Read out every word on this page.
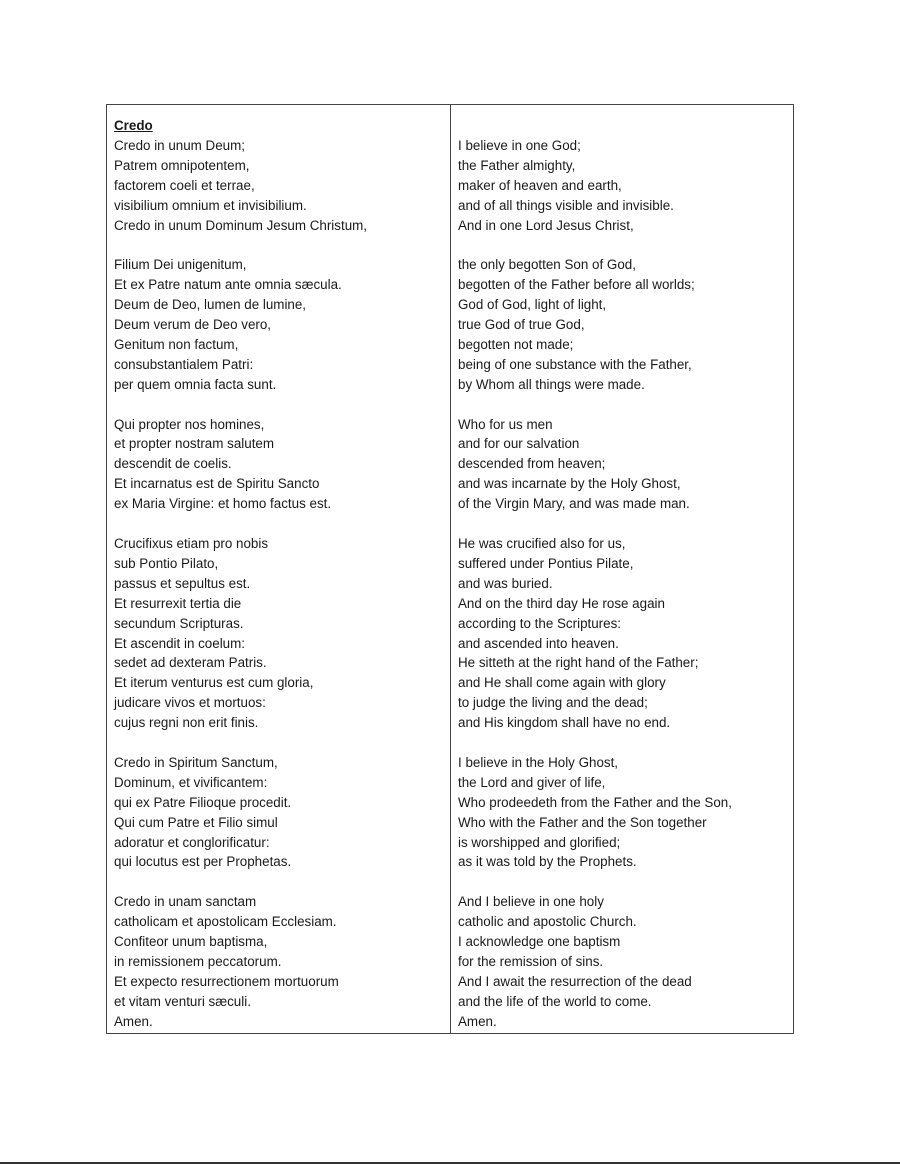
Credo
Credo in unum Deum;
Patrem omnipotentem,
factorem coeli et terrae,
visibilium omnium et invisibilium.
Credo in unum Dominum Jesum Christum,
Filium Dei unigenitum,
Et ex Patre natum ante omnia sæcula.
Deum de Deo, lumen de lumine,
Deum verum de Deo vero,
Genitum non factum,
consubstantialem Patri:
per quem omnia facta sunt.
Qui propter nos homines,
et propter nostram salutem
descendit de coelis.
Et incarnatus est de Spiritu Sancto
ex Maria Virgine: et homo factus est.
Crucifixus etiam pro nobis
sub Pontio Pilato,
passus et sepultus est.
Et resurrexit tertia die
secundum Scripturas.
Et ascendit in coelum:
sedet ad dexteram Patris.
Et iterum venturus est cum gloria,
judicare vivos et mortuos:
cujus regni non erit finis.
Credo in Spiritum Sanctum,
Dominum, et vivificantem:
qui ex Patre Filioque procedit.
Qui cum Patre et Filio simul
adoratur et conglorificatur:
qui locutus est per Prophetas.
Credo in unam sanctam
catholicam et apostolicam Ecclesiam.
Confiteor unum baptisma,
in remissionem peccatorum.
Et expecto resurrectionem mortuorum
et vitam venturi sæculi.
Amen.

I believe in one God;
the Father almighty,
maker of heaven and earth,
and of all things visible and invisible.
And in one Lord Jesus Christ,
the only begotten Son of God,
begotten of the Father before all worlds;
God of God, light of light,
true God of true God,
begotten not made;
being of one substance with the Father,
by Whom all things were made.
Who for us men
and for our salvation
descended from heaven;
and was incarnate by the Holy Ghost,
of the Virgin Mary, and was made man.
He was crucified also for us,
suffered under Pontius Pilate,
and was buried.
And on the third day He rose again
according to the Scriptures:
and ascended into heaven.
He sitteth at the right hand of the Father;
and He shall come again with glory
to judge the living and the dead;
and His kingdom shall have no end.
I believe in the Holy Ghost,
the Lord and giver of life,
Who prodeedeth from the Father and the Son,
Who with the Father and the Son together
is worshipped and glorified;
as it was told by the Prophets.
And I believe in one holy
catholic and apostolic Church.
I acknowledge one baptism
for the remission of sins.
And I await the resurrection of the dead
and the life of the world to come.
Amen.
